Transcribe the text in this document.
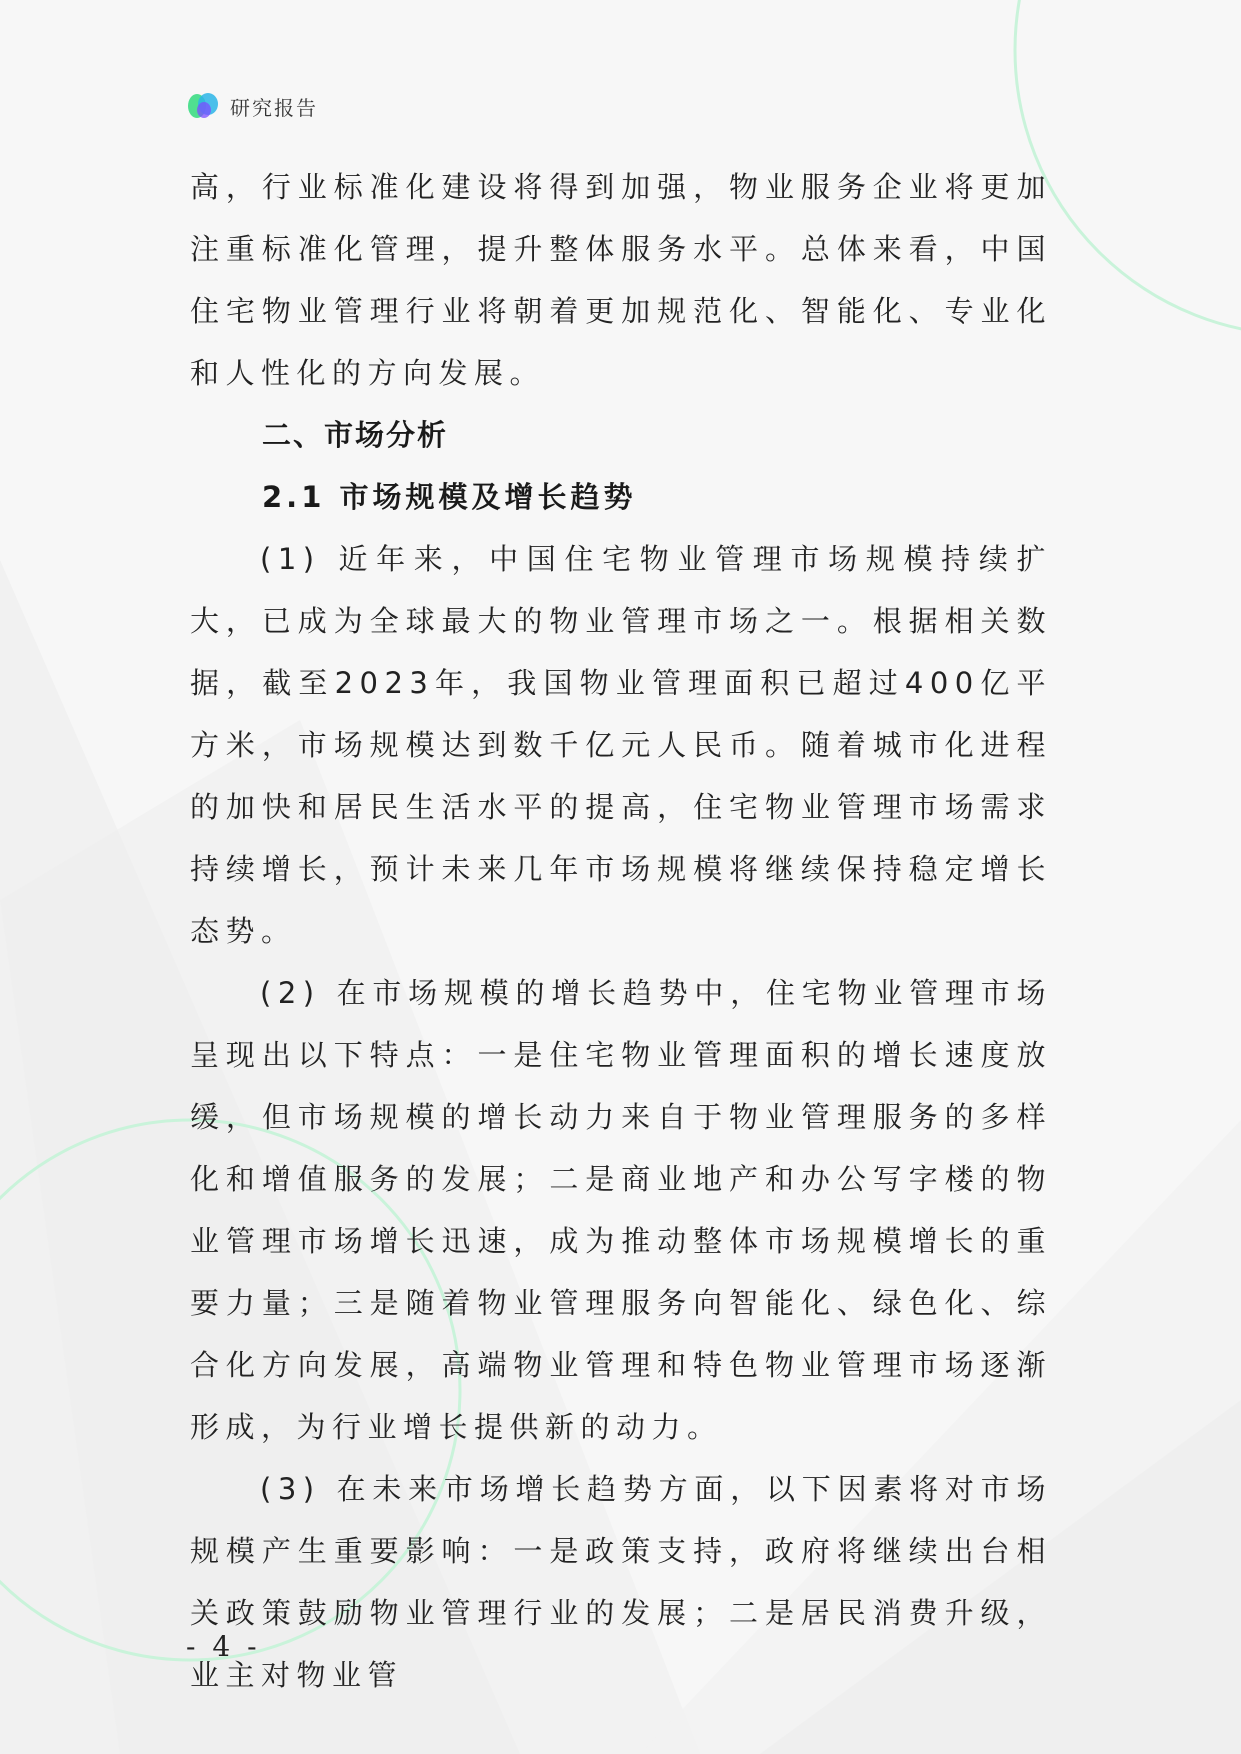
研究报告

高，行业标准化建设将得到加强，物业服务企业将更加注重标准化管理，提升整体服务水平。总体来看，中国住宅物业管理行业将朝着更加规范化、智能化、专业化和人性化的方向发展。

二、市场分析
2.1 市场规模及增长趋势

(1) 近年来，中国住宅物业管理市场规模持续扩大，已成为全球最大的物业管理市场之一。根据相关数据，截至2023年，我国物业管理面积已超过400亿平方米，市场规模达到数千亿元人民币。随着城市化进程的加快和居民生活水平的提高，住宅物业管理市场需求持续增长，预计未来几年市场规模将继续保持稳定增长态势。

(2) 在市场规模的增长趋势中，住宅物业管理市场呈现出以下特点：一是住宅物业管理面积的增长速度放缓，但市场规模的增长动力来自于物业管理服务的多样化和增值服务的发展；二是商业地产和办公写字楼的物业管理市场增长迅速，成为推动整体市场规模增长的重要力量；三是随着物业管理服务向智能化、绿色化、综合化方向发展，高端物业管理和特色物业管理市场逐渐形成，为行业增长提供新的动力。

(3) 在未来市场增长趋势方面，以下因素将对市场规模产生重要影响：一是政策支持，政府将继续出台相关政策鼓励物业管理行业的发展；二是居民消费升级，业主对物业管

- 4 -
